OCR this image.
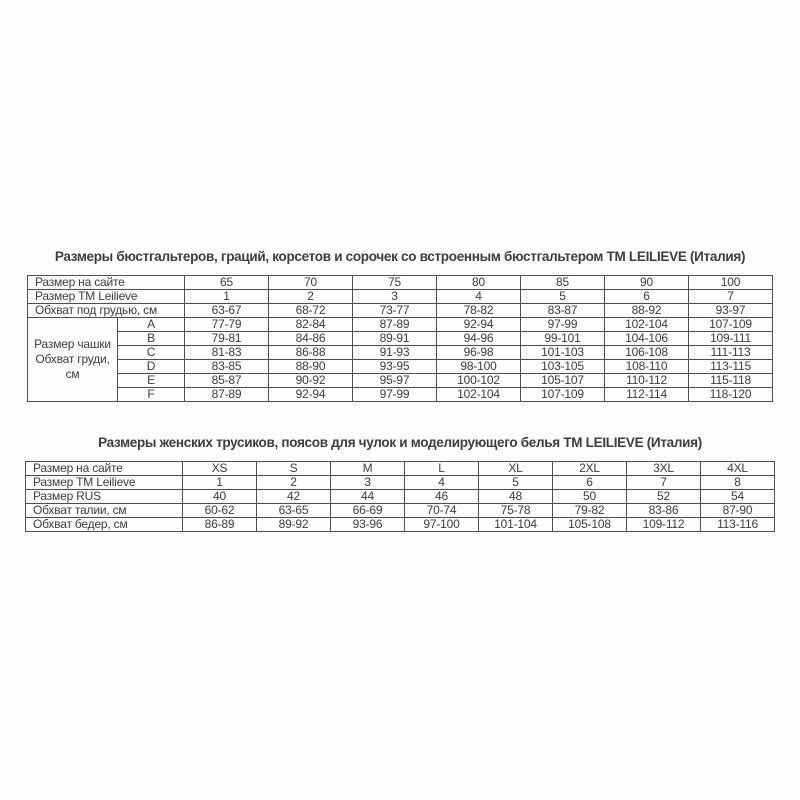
Размеры бюстгальтеров, граций, корсетов и сорочек со встроенным бюстгальтером TM LEILIEVE (Италия)
Размер на сайте		65	70	75	80	85	90	100
Размер TM Leilieve		1	2	3	4	5	6	7
Обхват под грудью, см		63-67	68-72	73-77	78-82	83-87	88-92	93-97
Размер чашки Обхват груди, см	A	77-79	82-84	87-89	92-94	97-99	102-104	107-109
	B	79-81	84-86	89-91	94-96	99-101	104-106	109-111
	C	81-83	86-88	91-93	96-98	101-103	106-108	111-113
	D	83-85	88-90	93-95	98-100	103-105	108-110	113-115
	E	85-87	90-92	95-97	100-102	105-107	110-112	115-118
	F	87-89	92-94	97-99	102-104	107-109	112-114	118-120
Размеры женских трусиков, поясов для чулок и моделирующего белья TM LEILIEVE (Италия)
Размер на сайте	XS	S	M	L	XL	2XL	3XL	4XL
Размер TM Leilieve	1	2	3	4	5	6	7	8
Размер RUS	40	42	44	46	48	50	52	54
Обхват талии, см	60-62	63-65	66-69	70-74	75-78	79-82	83-86	87-90
Обхват бедер, см	86-89	89-92	93-96	97-100	101-104	105-108	109-112	113-116
